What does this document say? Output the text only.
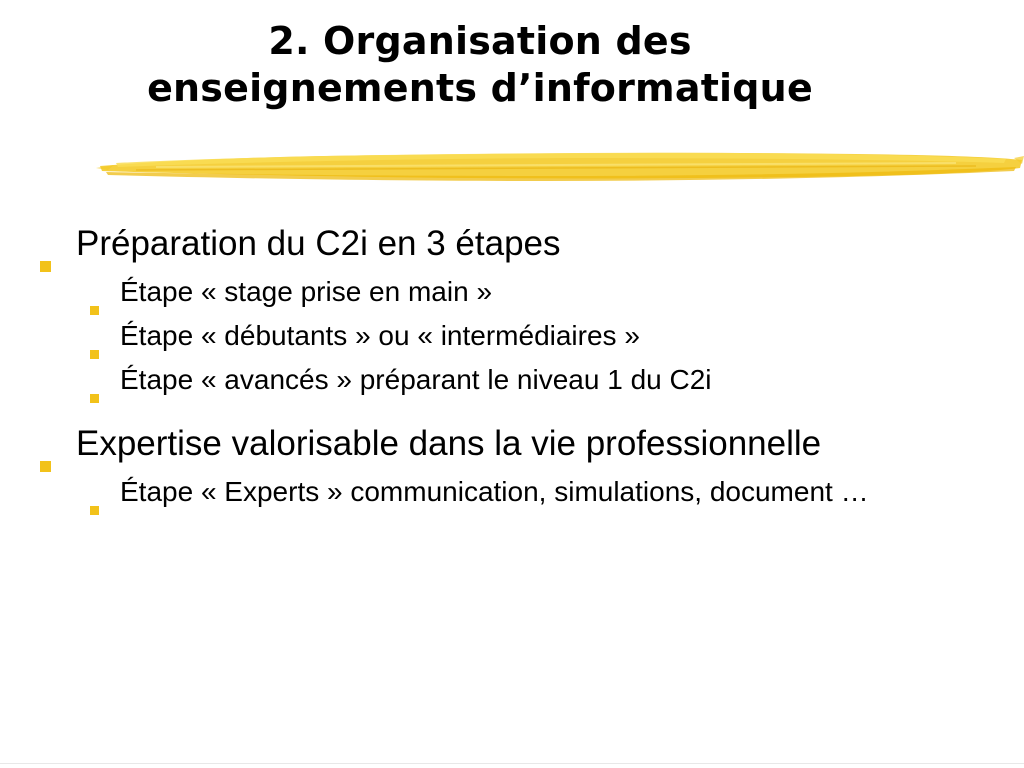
2. Organisation des
enseignements d’informatique
Préparation du C2i en 3 étapes
Étape « stage prise en main »
Étape « débutants » ou « intermédiaires »
Étape « avancés » préparant le niveau 1 du C2i
Expertise valorisable dans la vie professionnelle
Étape « Experts » communication, simulations, document …
